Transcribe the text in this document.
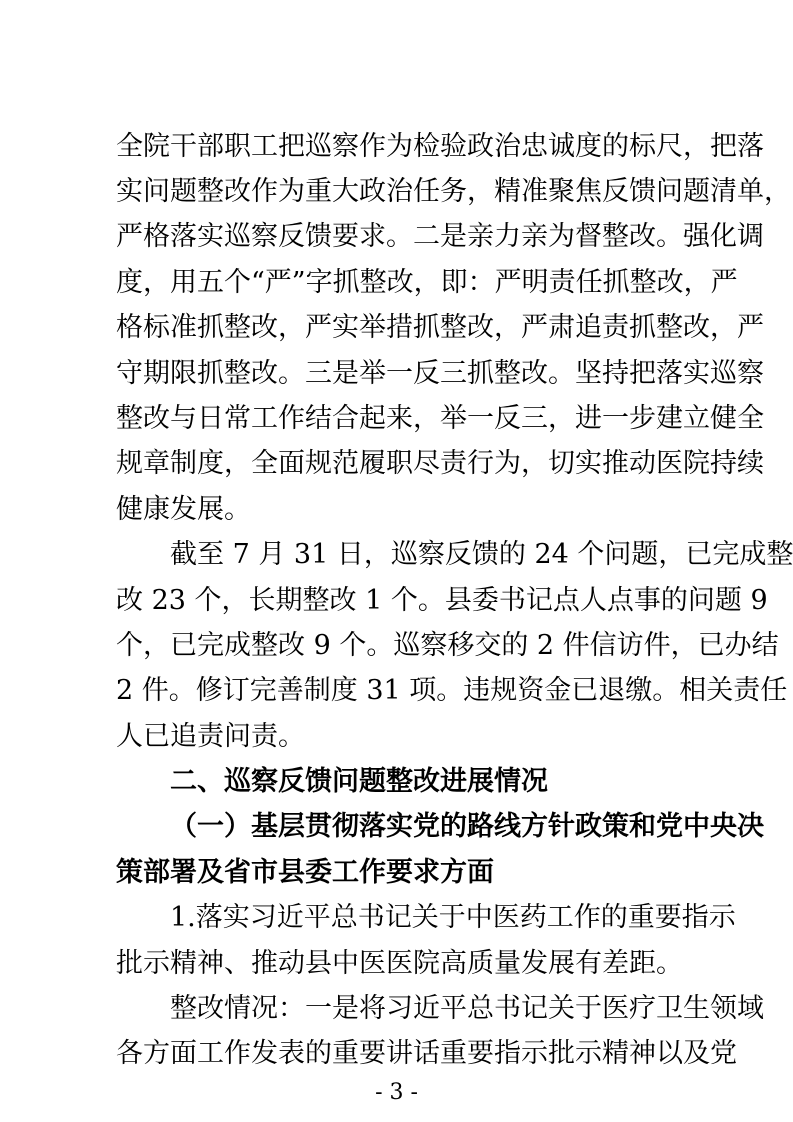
全院干部职工把巡察作为检验政治忠诚度的标尺，把落
实问题整改作为重大政治任务，精准聚焦反馈问题清单，
严格落实巡察反馈要求。二是亲力亲为督整改。强化调
度，用五个“严”字抓整改，即：严明责任抓整改，严
格标准抓整改，严实举措抓整改，严肃追责抓整改，严
守期限抓整改。三是举一反三抓整改。坚持把落实巡察
整改与日常工作结合起来，举一反三，进一步建立健全
规章制度，全面规范履职尽责行为，切实推动医院持续
健康发展。
截至 7 月 31 日，巡察反馈的 24 个问题，已完成整
改 23 个，长期整改 1 个。县委书记点人点事的问题 9
个，已完成整改 9 个。巡察移交的 2 件信访件，已办结
2 件。修订完善制度 31 项。违规资金已退缴。相关责任
人已追责问责。
二、巡察反馈问题整改进展情况
（一）基层贯彻落实党的路线方针政策和党中央决
策部署及省市县委工作要求方面
1.落实习近平总书记关于中医药工作的重要指示
批示精神、推动县中医医院高质量发展有差距。
整改情况：一是将习近平总书记关于医疗卫生领域
各方面工作发表的重要讲话重要指示批示精神以及党
- 3 -
